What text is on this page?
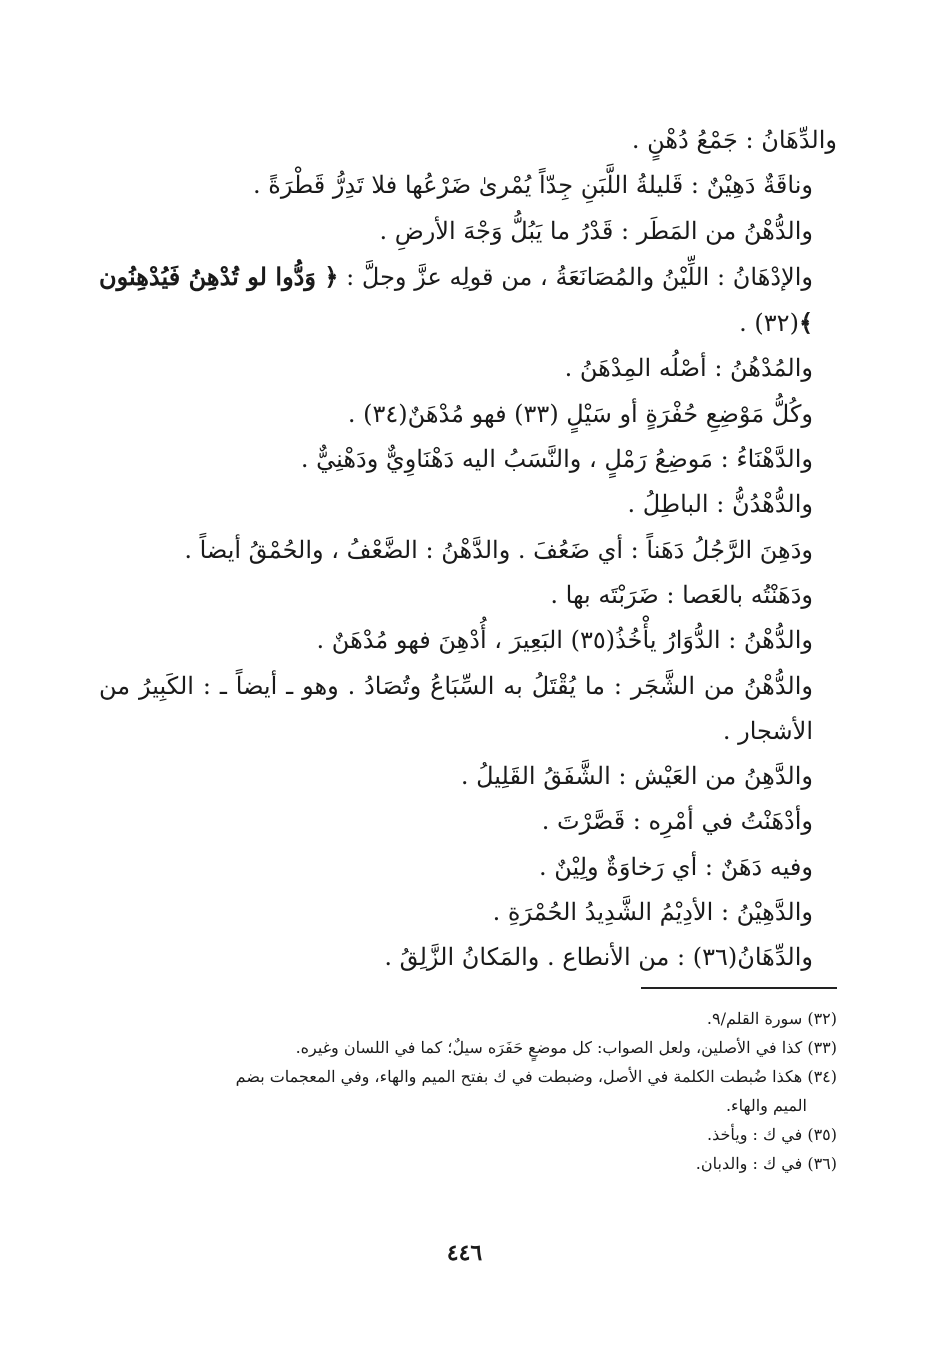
والدِّهَانُ : جَمْعُ دُهْنٍ .

وناقَةٌ دَهِيْنٌ : قَليلةُ اللَّبَنِ جِدّاً يُمْرىٰ ضَرْعُها فلا تَدِرُّ قَطْرَةً .

والدُّهْنُ من المَطَر : قَدْرُ ما يَبُلُّ وَجْهَ الأرضِ .

والإدْهَانُ : اللِّيْنُ والمُصَانَعَةُ ، من قولِه عزَّ وجلَّ : ﴿ وَدُّوا لو تُدْهِنُ فَيُدْهِنُون ﴾(٣٢) .

والمُدْهُنُ : أصْلُه المِدْهَنُ .

وكُلُّ مَوْضِعِ حُفْرَةٍ أو سَيْلٍ (٣٣) فهو مُدْهَنٌ(٣٤) .

والدَّهْنَاءُ : مَوضِعُ رَمْلٍ ، والنَّسَبُ اليه دَهْنَاوِيٌّ ودَهْنِيٌّ .

والدُّهْدُنُّ : الباطِلُ .

ودَهِنَ الرَّجُلُ دَهَناً : أي ضَعُفَ . والدَّهْنُ : الضَّعْفُ ، والحُمْقُ أيضاً .

ودَهَنْتُه بالعَصا : ضَرَبْتَه بها .

والدُّهْنُ : الدُّوَارُ يأْخُذُ(٣٥) البَعِيرَ ، أُدْهِنَ فهو مُدْهَنٌ .

والدُّهْنُ من الشَّجَر : ما يُقْتَلُ به السِّبَاعُ وتُصَادُ . وهو ـ أيضاً ـ : الكَبِيرُ من الأشجار .

والدَّهِنُ من العَيْش : الشَّفَقُ القَلِيلُ .

وأدْهَنْتُ في أمْرِه : قَصَّرْتَ .

وفيه دَهَنٌ : أي رَخاوَةٌ ولِيْنٌ .

والدَّهِيْنُ : الأدِيْمُ الشَّدِيدُ الحُمْرَةِ .

والدِّهَانُ(٣٦) : من الأنطاع . والمَكانُ الزَّلِقُ .

(٣٢) سورة القلم/٩.

(٣٣) كذا في الأصلين، ولعل الصواب: كل موضعٍ حَفَرَه سيلٌ؛ كما في اللسان وغيره.

(٣٤) هكذا ضُبطت الكلمة في الأصل، وضبطت في ك بفتح الميم والهاء، وفي المعجمات بضم
الميم والهاء.

(٣٥) في ك : ويأخذ.

(٣٦) في ك : والدبان.

٤٤٦
